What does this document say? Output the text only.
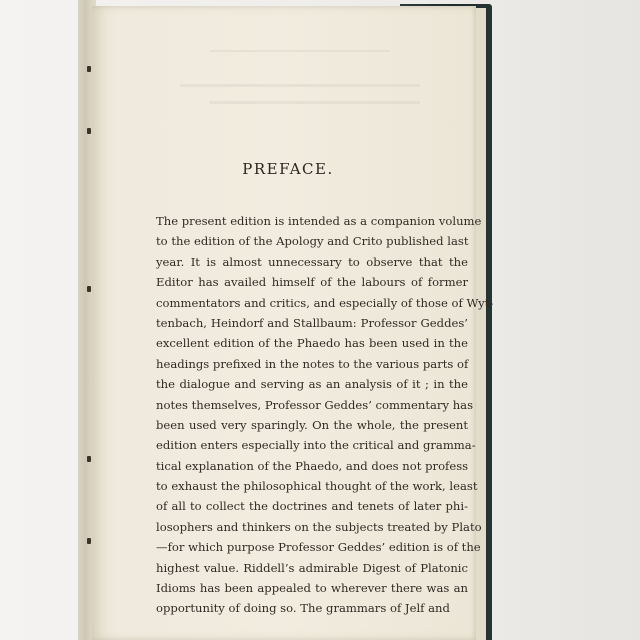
PREFACE.
The present edition is intended as a companion volume
to the edition of the Apology and Crito published last
year. It is almost unnecessary to observe that the
Editor has availed himself of the labours of former
commentators and critics, and especially of those of Wyt-
tenbach, Heindorf and Stallbaum: Professor Geddes’
excellent edition of the Phaedo has been used in the
headings prefixed in the notes to the various parts of
the dialogue and serving as an analysis of it ; in the
notes themselves, Professor Geddes’ commentary has
been used very sparingly. On the whole, the present
edition enters especially into the critical and gramma-
tical explanation of the Phaedo, and does not profess
to exhaust the philosophical thought of the work, least
of all to collect the doctrines and tenets of later phi-
losophers and thinkers on the subjects treated by Plato
—for which purpose Professor Geddes’ edition is of the
highest value. Riddell’s admirable Digest of Platonic
Idioms has been appealed to wherever there was an
opportunity of doing so. The grammars of Jelf and
